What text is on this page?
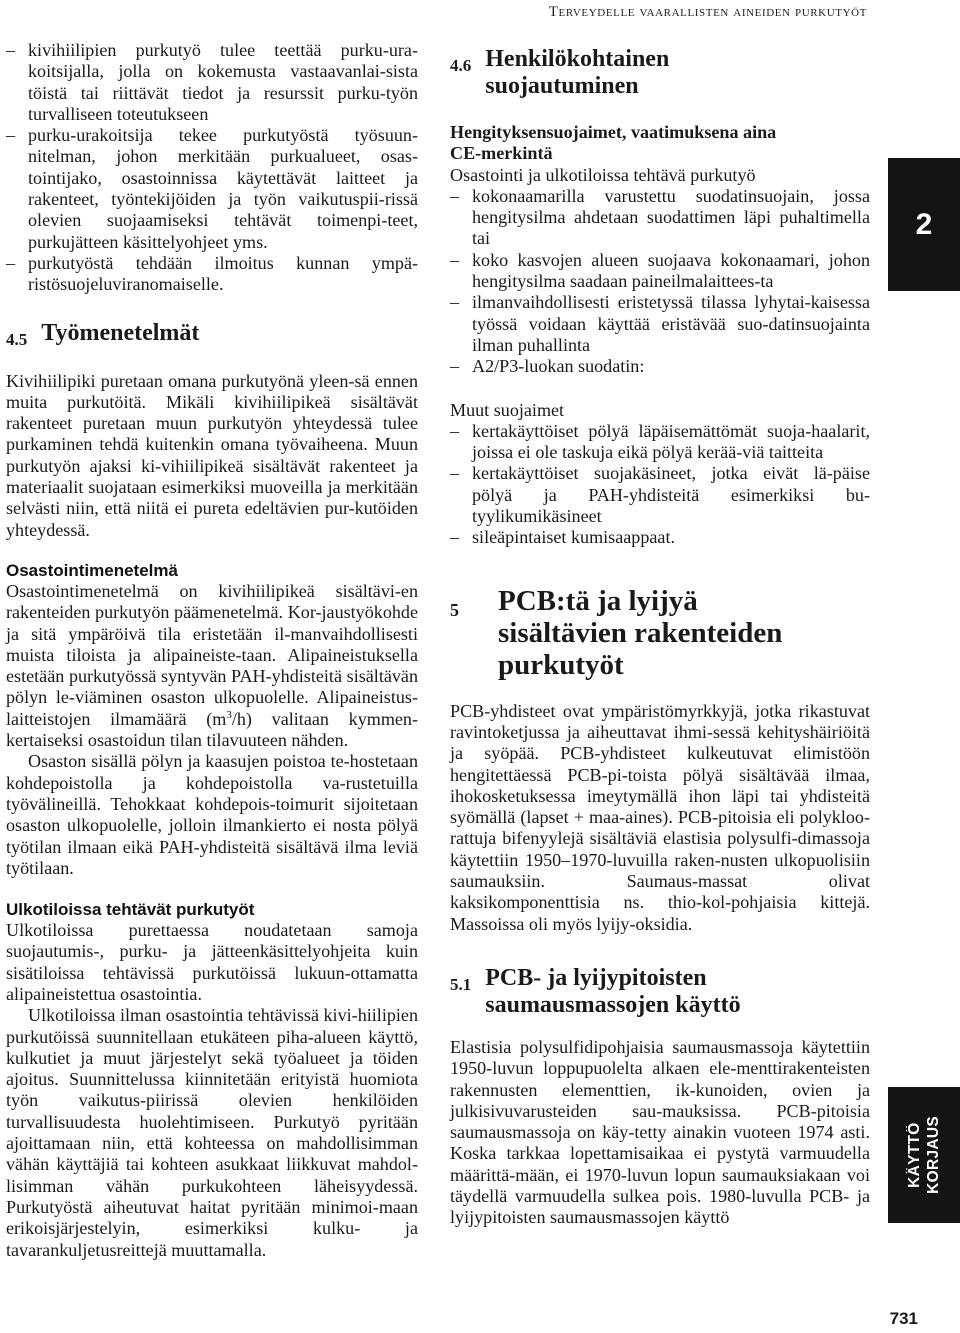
Terveydelle vaarallisten aineiden purkutyöt
– kivihiilipien purkutyö tulee teettää purku-ura-koitsijalla, jolla on kokemusta vastaavanlai-sista töistä tai riittävät tiedot ja resurssit purku-työn turvalliseen toteutukseen
– purku-urakoitsija tekee purkutyöstä työsuun-nitelman, johon merkitään purkualueet, osas-tointijako, osastoinnissa käytettävät laitteet ja rakenteet, työntekijöiden ja työn vaikutuspii-rissä olevien suojaamiseksi tehtävät toimenpi-teet, purkujätteen käsittelyohjeet yms.
– purkutyöstä tehdään ilmoitus kunnan ympä-ristösuojeluviranomaiselle.
4.5 Työmenetelmät

Kivihiilipiki puretaan omana purkutyönä yleen-sä ennen muita purkutöitä. Mikäli kivihiilipikeä sisältävät rakenteet puretaan muun purkutyön yhteydessä tulee purkaminen tehdä kuitenkin omana työvaiheena. Muun purkutyön ajaksi ki-vihiilipikeä sisältävät rakenteet ja materiaalit suojataan esimerkiksi muoveilla ja merkitään selvästi niin, että niitä ei pureta edeltävien pur-kutöiden yhteydessä.

Osastointimenetelmä

Osastointimenetelmä on kivihiilipikeä sisältävi-en rakenteiden purkutyön päämenetelmä. Kor-jaustyökohde ja sitä ympäröivä tila eristetään il-manvaihdollisesti muista tiloista ja alipaineiste-taan. Alipaineistuksella estetään purkutyössä syntyvän PAH-yhdisteitä sisältävän pölyn le-viäminen osaston ulkopuolelle. Alipaineistus-laitteistojen ilmamäärä $(m^3/h)$ valitaan kymmen-kertaiseksi osastoidun tilan tilavuuteen nähden.

Osaston sisällä pölyn ja kaasujen poistoa te-hostetaan kohdepoistolla ja kohdepoistolla va-rustetuilla työvälineillä. Tehokkaat kohdepois-toimurit sijoitetaan osaston ulkopuolelle, jolloin ilmankierto ei nosta pölyä työtilan ilmaan eikä PAH-yhdisteitä sisältävä ilma leviä työtilaan.

Ulkotiloissa tehtävät purkutyöt

Ulkotiloissa purettaessa noudatetaan samoja suojautumis-, purku- ja jätteenkäsittelyohjeita kuin sisätiloissa tehtävissä purkutöissä lukuun-ottamatta alipaineistettua osastointia.

Ulkotiloissa ilman osastointia tehtävissä kivi-hiilipien purkutöissä suunnitellaan etukäteen piha-alueen käyttö, kulkutiet ja muut järjestelyt sekä työalueet ja töiden ajoitus. Suunnittelussa kiinnitetään erityistä huomiota työn vaikutus-piirissä olevien henkilöiden turvallisuudesta huolehtimiseen. Purkutyö pyritään ajoittamaan niin, että kohteessa on mahdollisimman vähän käyttäjiä tai kohteen asukkaat liikkuvat mahdol-lisimman vähän purkukohteen läheisyydessä. Purkutyöstä aiheutuvat haitat pyritään minimoi-maan erikoisjärjestelyin, esimerkiksi kulku- ja tavarankuljetusreittejä muuttamalla.

4.6 Henkilökohtainen
suojautuminen
Hengityksensuojaimet, vaatimuksena aina
CE-merkintä

Osastointi ja ulkotiloissa tehtävä purkutyö

– kokonaamarilla varustettu suodatinsuojain, jossa hengitysilma ahdetaan suodattimen läpi puhaltimella tai
– koko kasvojen alueen suojaava kokonaamari, johon hengitysilma saadaan paineilmalaittees-ta
– ilmanvaihdollisesti eristetyssä tilassa lyhytai-kaisessa työssä voidaan käyttää eristävää suo-datinsuojainta ilman puhallinta
– A2/P3-luokan suodatin:

Muut suojaimet

– kertakäyttöiset pölyä läpäisemättömät suoja-haalarit, joissa ei ole taskuja eikä pölyä kerää-viä taitteita
– kertakäyttöiset suojakäsineet, jotka eivät lä-päise pölyä ja PAH-yhdisteitä esimerkiksi bu-tyylikumikäsineet
– sileäpintaiset kumisaappaat.
5	PCB:tä ja lyijyä
sisältävien rakenteiden
purkutyöt

PCB-yhdisteet ovat ympäristömyrkkyjä, jotka rikastuvat ravintoketjussa ja aiheuttavat ihmi-sessä kehityshäiriöitä ja syöpää. PCB-yhdisteet kulkeutuvat elimistöön hengitettäessä PCB-pi-toista pölyä sisältävää ilmaa, ihokosketuksessa imeytymällä ihon läpi tai yhdisteitä syömällä (lapset + maa-aines). PCB-pitoisia eli polykloo-rattuja bifenyylejä sisältäviä elastisia polysulfi-dimassoja käytettiin 1950–1970-luvuilla raken-nusten ulkopuolisiin saumauksiin. Saumaus-massat olivat kaksikomponenttisia ns. thio-kol-pohjaisia kittejä. Massoissa oli myös lyijy-oksidia.

5.1 PCB- ja lyijypitoisten
saumausmassojen käyttö

Elastisia polysulfidipohjaisia saumausmassoja käytettiin 1950-luvun loppupuolelta alkaen ele-menttirakenteisten rakennusten elementtien, ik-kunoiden, ovien ja julkisivuvarusteiden sau-mauksissa. PCB-pitoisia saumausmassoja on käy-tetty ainakin vuoteen 1974 asti. Koska tarkkaa lopettamisaikaa ei pystytä varmuudella määrittä-mään, ei 1970-luvun lopun saumauksiakaan voi täydellä varmuudella sulkea pois. 1980-luvulla PCB- ja lyijypitoisten saumausmassojen käyttö

2
KÄYTTÖ KORJAUS
731
